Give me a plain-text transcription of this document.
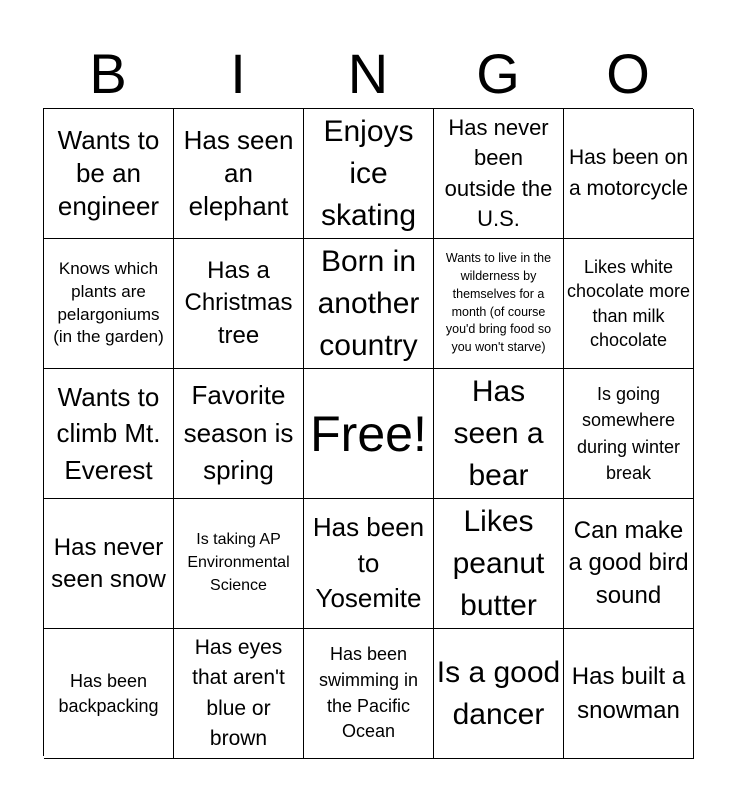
B	I	N	G	O
Wants to be an engineer
Has seen an elephant
Enjoys ice skating
Has never been outside the U.S.
Has been on a motorcycle
Knows which plants are pelargoniums (in the garden)
Has a Christmas tree
Born in another country
Wants to live in the wilderness by themselves for a month (of course you'd bring food so you won't starve)
Likes white chocolate more than milk chocolate
Wants to climb Mt. Everest
Favorite season is spring
Free!
Has seen a bear
Is going somewhere during winter break
Has never seen snow
Is taking AP Environmental Science
Has been to Yosemite
Likes peanut butter
Can make a good bird sound
Has been backpacking
Has eyes that aren't blue or brown
Has been swimming in the Pacific Ocean
Is a good dancer
Has built a snowman
